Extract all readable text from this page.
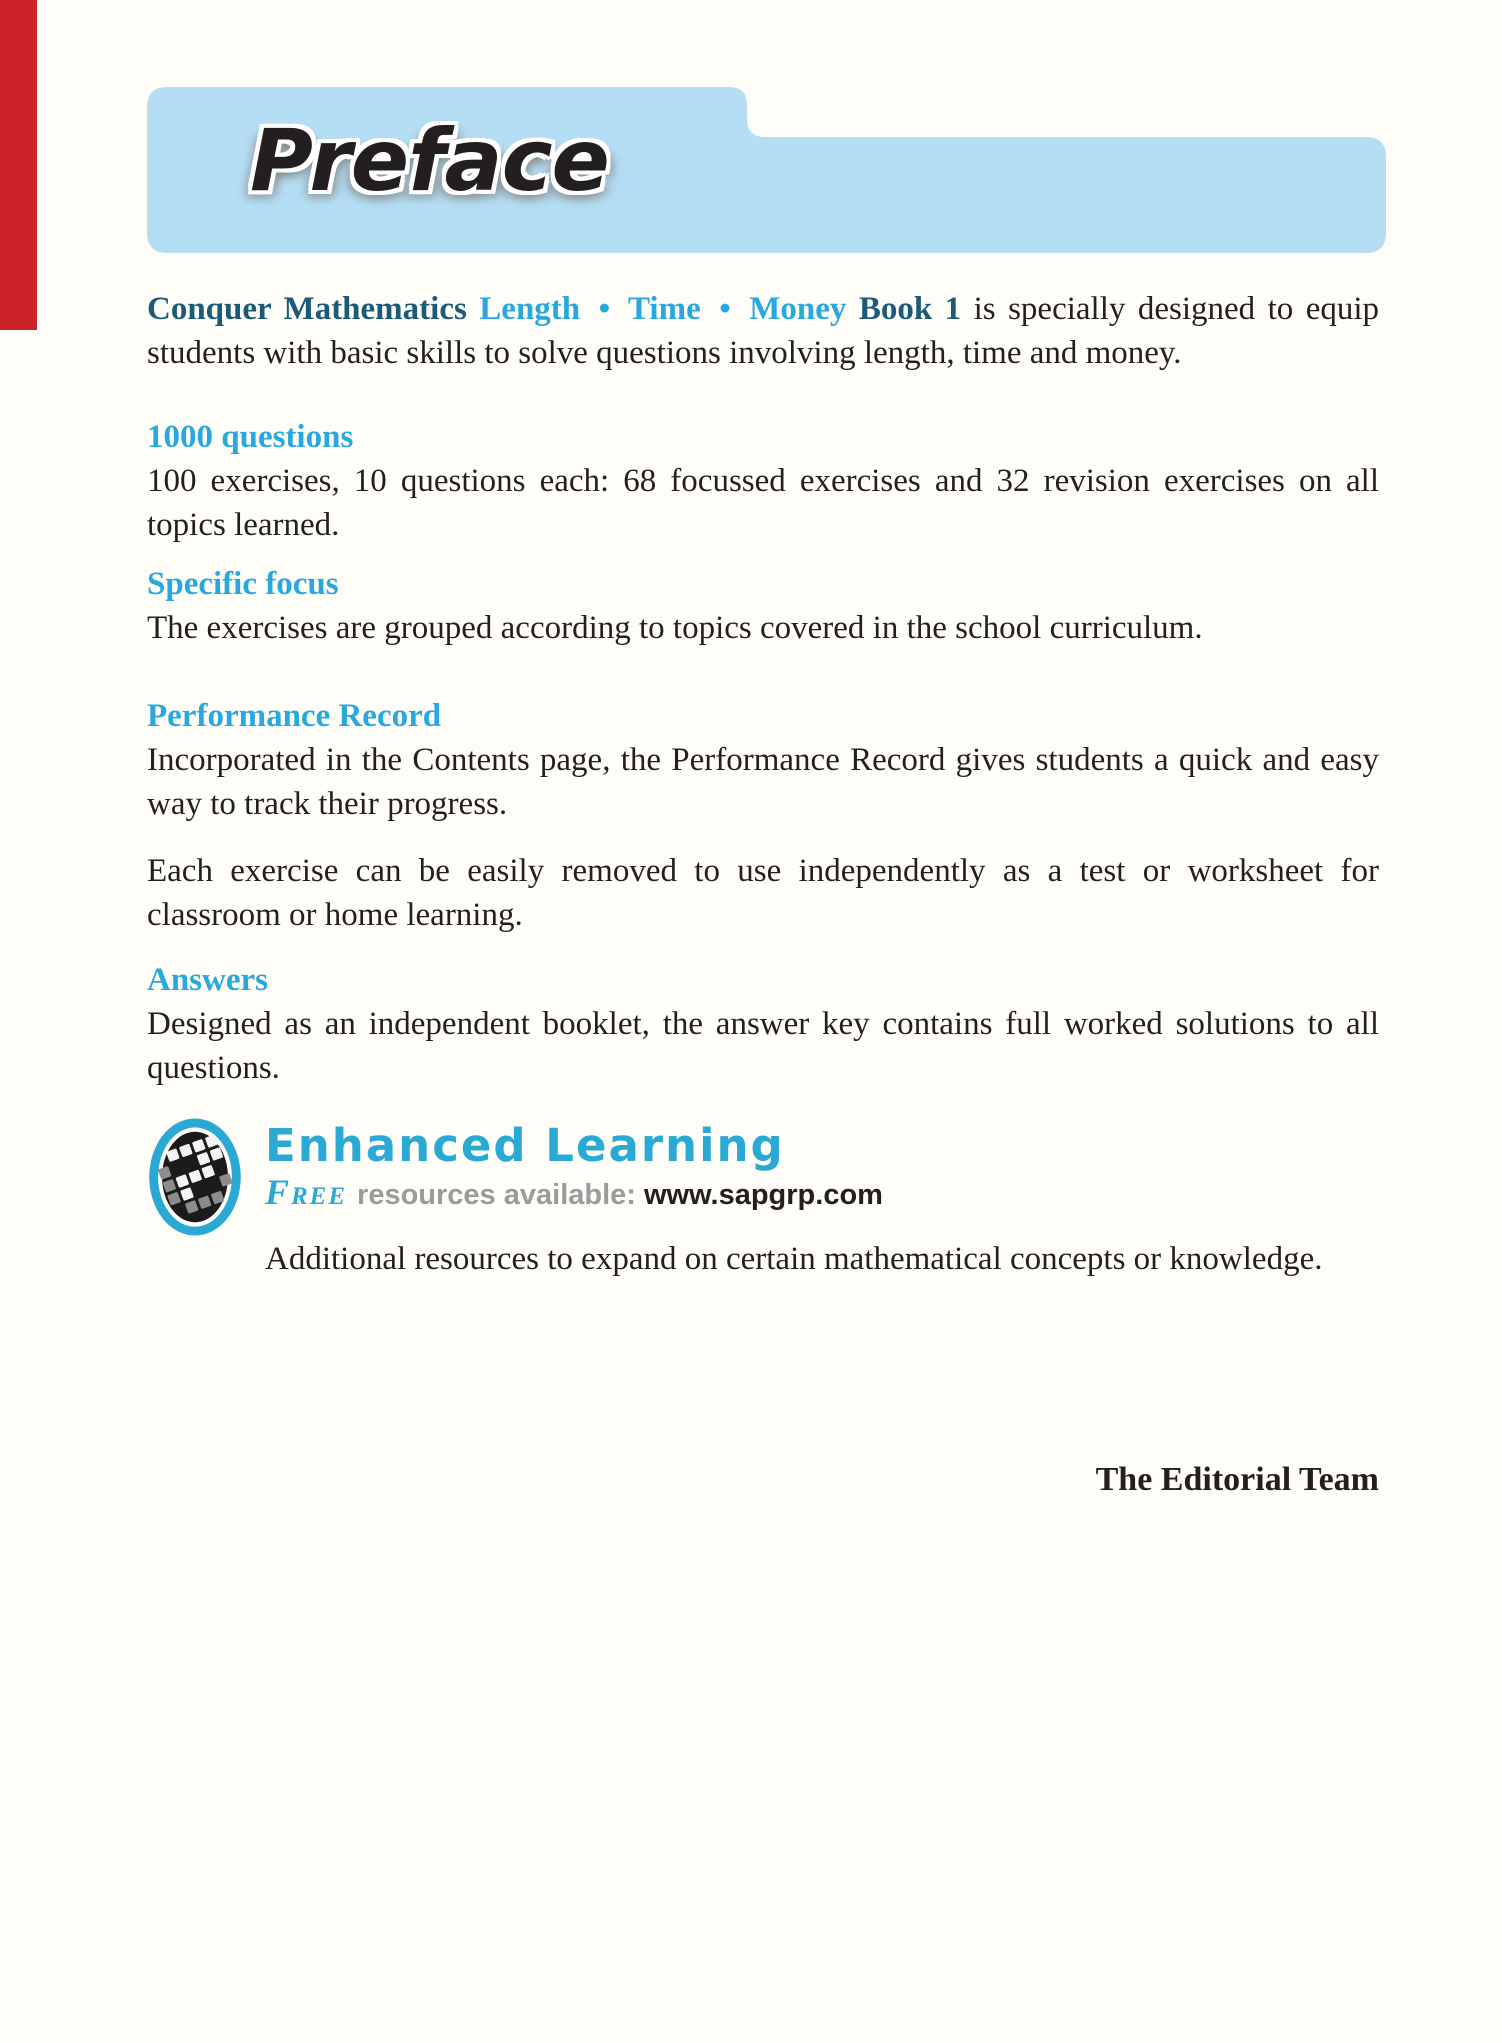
Preface

Conquer Mathematics Length • Time • Money Book 1 is specially designed to equip students with basic skills to solve questions involving length, time and money.

1000 questions

100 exercises, 10 questions each: 68 focussed exercises and 32 revision exercises on all topics learned.

Specific focus

The exercises are grouped according to topics covered in the school curriculum.

Performance Record

Incorporated in the Contents page, the Performance Record gives students a quick and easy way to track their progress.

Each exercise can be easily removed to use independently as a test or worksheet for classroom or home learning.

Answers

Designed as an independent booklet, the answer key contains full worked solutions to all questions.

Enhanced Learning
Free resources available: www.sapgrp.com

Additional resources to expand on certain mathematical concepts or knowledge.

The Editorial Team
